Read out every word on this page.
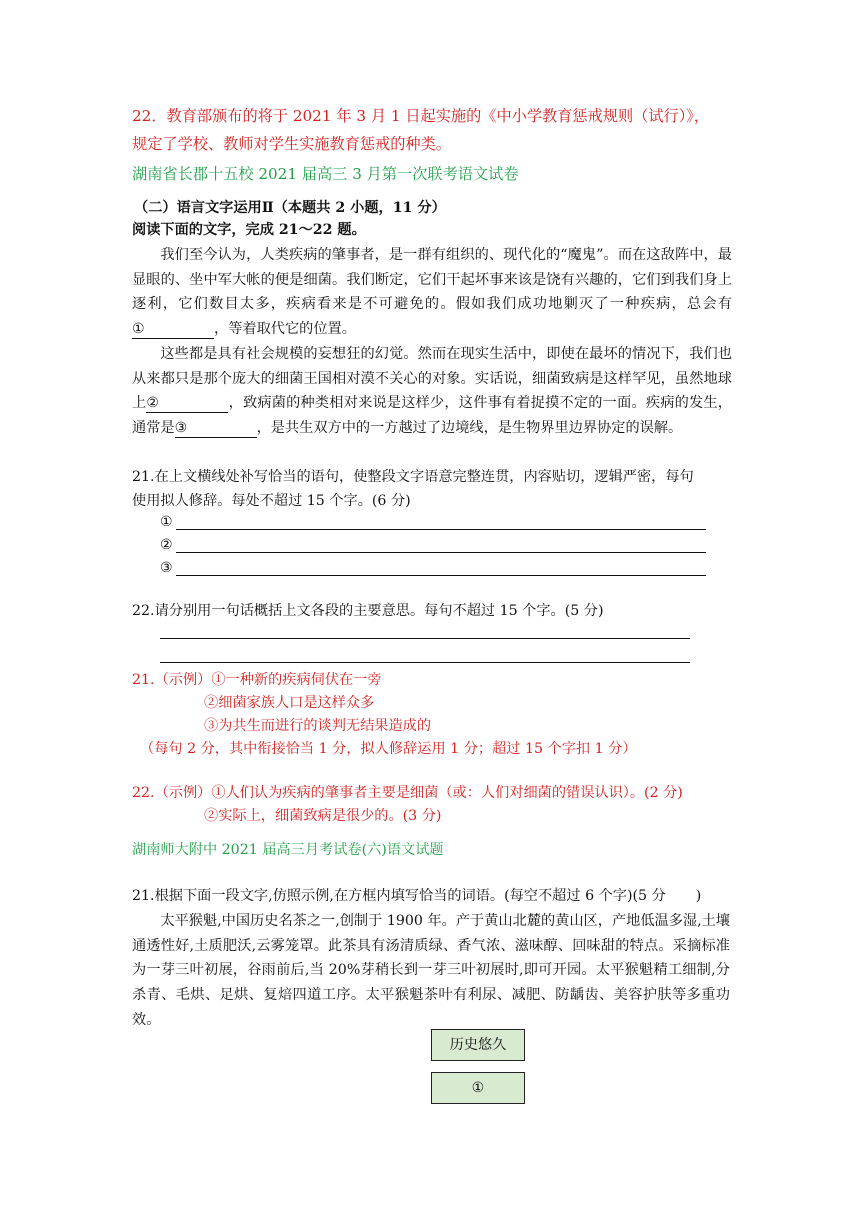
22．教育部颁布的将于 2021 年 3 月 1 日起实施的《中小学教育惩戒规则（试行）》，
规定了学校、教师对学生实施教育惩戒的种类。
湖南省长郡十五校 2021 届高三 3 月第一次联考语文试卷
（二）语言文字运用Ⅱ（本题共 2 小题，11 分）
阅读下面的文字，完成 21～22 题。

我们至今认为，人类疾病的肇事者，是一群有组织的、现代化的“魔鬼”。而在这敌阵中，最显眼的、坐中军大帐的便是细菌。我们断定，它们干起坏事来该是饶有兴趣的，它们到我们身上逐利，它们数目太多，疾病看来是不可避免的。假如我们成功地剿灭了一种疾病，总会有①	，等着取代它的位置。

这些都是具有社会规模的妄想狂的幻觉。然而在现实生活中，即使在最坏的情况下，我们也从来都只是那个庞大的细菌王国相对漠不关心的对象。实话说，细菌致病是这样罕见，虽然地球上②	，致病菌的种类相对来说是这样少，这件事有着捉摸不定的一面。疾病的发生，通常是③	，是共生双方中的一方越过了边境线，是生物界里边界协定的误解。

21.在上文横线处补写恰当的语句，使整段文字语意完整连贯，内容贴切，逻辑严密，每句
使用拟人修辞。每处不超过 15 个字。(6 分)
①
②
③
22.请分别用一句话概括上文各段的主要意思。每句不超过 15 个字。(5 分)
21.（示例）①一种新的疾病伺伏在一旁
②细菌家族人口是这样众多
③为共生而进行的谈判无结果造成的
（每句 2 分，其中衔接恰当 1 分，拟人修辞运用 1 分；超过 15 个字扣 1 分）
22.（示例）①人们认为疾病的肇事者主要是细菌（或：人们对细菌的错误认识）。(2 分)
②实际上，细菌致病是很少的。(3 分)
湖南师大附中 2021 届高三月考试卷(六)语文试题
21.根据下面一段文字,仿照示例,在方框内填写恰当的词语。(每空不超过 6 个字)(5 分 )

太平猴魁,中国历史名茶之一,创制于 1900 年。产于黄山北麓的黄山区，产地低温多湿,土壤通透性好,土质肥沃,云雾笼罩。此茶具有汤清质绿、香气浓、滋味醇、回味甜的特点。采摘标准为一芽三叶初展，谷雨前后,当 20%芽稍长到一芽三叶初展时,即可开园。太平猴魁精工细制,分杀青、毛烘、足烘、复焙四道工序。太平猴魁茶叶有利尿、减肥、防龋齿、美容护肤等多重功效。

历史悠久
①
